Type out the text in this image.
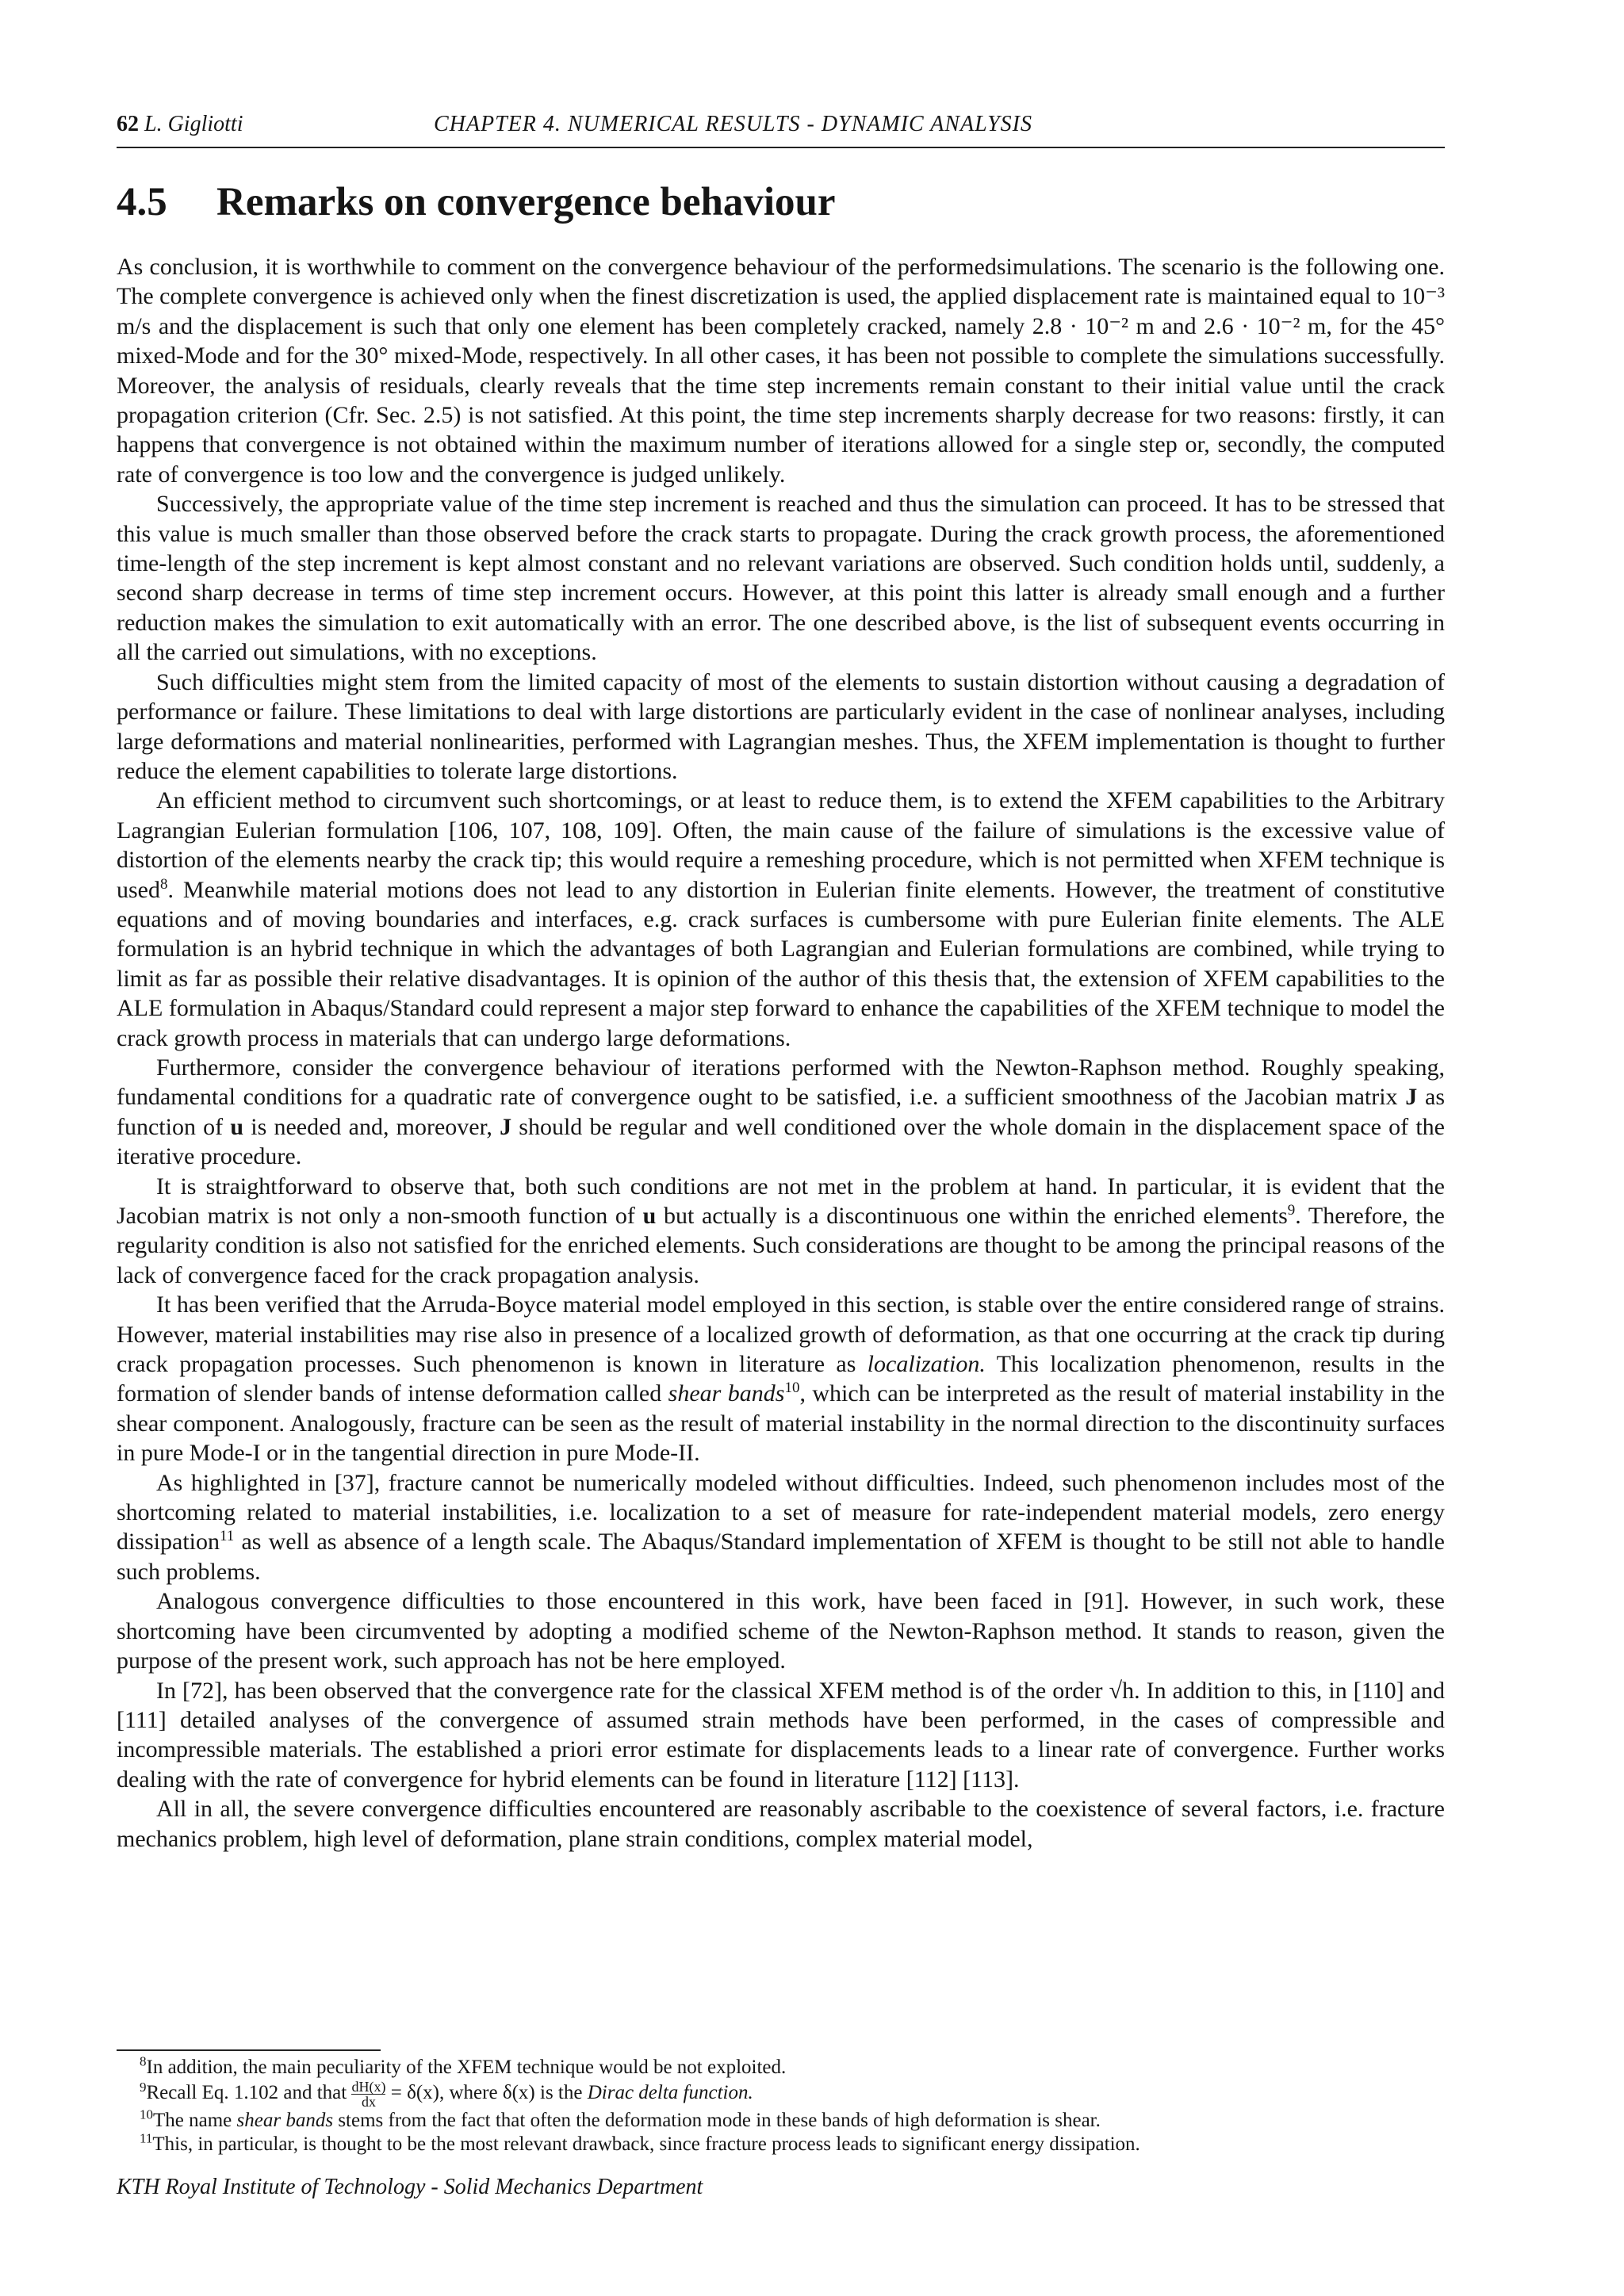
62 L. Gigliotti	CHAPTER 4. NUMERICAL RESULTS - DYNAMIC ANALYSIS
4.5 Remarks on convergence behaviour

As conclusion, it is worthwhile to comment on the convergence behaviour of the performedsimulations. The scenario is the following one. The complete convergence is achieved only when the finest discretization is used, the applied displacement rate is maintained equal to 10⁻³ m/s and the displacement is such that only one element has been completely cracked, namely 2.8 · 10⁻² m and 2.6 · 10⁻² m, for the 45° mixed-Mode and for the 30° mixed-Mode, respectively. In all other cases, it has been not possible to complete the simulations successfully. Moreover, the analysis of residuals, clearly reveals that the time step increments remain constant to their initial value until the crack propagation criterion (Cfr. Sec. 2.5) is not satisfied. At this point, the time step increments sharply decrease for two reasons: firstly, it can happens that convergence is not obtained within the maximum number of iterations allowed for a single step or, secondly, the computed rate of convergence is too low and the convergence is judged unlikely.

Successively, the appropriate value of the time step increment is reached and thus the simulation can proceed. It has to be stressed that this value is much smaller than those observed before the crack starts to propagate. During the crack growth process, the aforementioned time-length of the step increment is kept almost constant and no relevant variations are observed. Such condition holds until, suddenly, a second sharp decrease in terms of time step increment occurs. However, at this point this latter is already small enough and a further reduction makes the simulation to exit automatically with an error. The one described above, is the list of subsequent events occurring in all the carried out simulations, with no exceptions.

Such difficulties might stem from the limited capacity of most of the elements to sustain distortion without causing a degradation of performance or failure. These limitations to deal with large distortions are particularly evident in the case of nonlinear analyses, including large deformations and material nonlinearities, performed with Lagrangian meshes. Thus, the XFEM implementation is thought to further reduce the element capabilities to tolerate large distortions.

An efficient method to circumvent such shortcomings, or at least to reduce them, is to extend the XFEM capabilities to the Arbitrary Lagrangian Eulerian formulation [106, 107, 108, 109]. Often, the main cause of the failure of simulations is the excessive value of distortion of the elements nearby the crack tip; this would require a remeshing procedure, which is not permitted when XFEM technique is used$^8$. Meanwhile material motions does not lead to any distortion in Eulerian finite elements. However, the treatment of constitutive equations and of moving boundaries and interfaces, e.g. crack surfaces is cumbersome with pure Eulerian finite elements. The ALE formulation is an hybrid technique in which the advantages of both Lagrangian and Eulerian formulations are combined, while trying to limit as far as possible their relative disadvantages. It is opinion of the author of this thesis that, the extension of XFEM capabilities to the ALE formulation in Abaqus/Standard could represent a major step forward to enhance the capabilities of the XFEM technique to model the crack growth process in materials that can undergo large deformations.

Furthermore, consider the convergence behaviour of iterations performed with the Newton-Raphson method. Roughly speaking, fundamental conditions for a quadratic rate of convergence ought to be satisfied, i.e. a sufficient smoothness of the Jacobian matrix J as function of u is needed and, moreover, J should be regular and well conditioned over the whole domain in the displacement space of the iterative procedure.

It is straightforward to observe that, both such conditions are not met in the problem at hand. In particular, it is evident that the Jacobian matrix is not only a non-smooth function of u but actually is a discontinuous one within the enriched elements$^9$. Therefore, the regularity condition is also not satisfied for the enriched elements. Such considerations are thought to be among the principal reasons of the lack of convergence faced for the crack propagation analysis.

It has been verified that the Arruda-Boyce material model employed in this section, is stable over the entire considered range of strains. However, material instabilities may rise also in presence of a localized growth of deformation, as that one occurring at the crack tip during crack propagation processes. Such phenomenon is known in literature as localization. This localization phenomenon, results in the formation of slender bands of intense deformation called shear bands$^{10}$, which can be interpreted as the result of material instability in the shear component. Analogously, fracture can be seen as the result of material instability in the normal direction to the discontinuity surfaces in pure Mode-I or in the tangential direction in pure Mode-II.

As highlighted in [37], fracture cannot be numerically modeled without difficulties. Indeed, such phenomenon includes most of the shortcoming related to material instabilities, i.e. localization to a set of measure for rate-independent material models, zero energy dissipation$^{11}$ as well as absence of a length scale. The Abaqus/Standard implementation of XFEM is thought to be still not able to handle such problems.

Analogous convergence difficulties to those encountered in this work, have been faced in [91]. However, in such work, these shortcoming have been circumvented by adopting a modified scheme of the Newton-Raphson method. It stands to reason, given the purpose of the present work, such approach has not be here employed.

In [72], has been observed that the convergence rate for the classical XFEM method is of the order √h. In addition to this, in [110] and [111] detailed analyses of the convergence of assumed strain methods have been performed, in the cases of compressible and incompressible materials. The established a priori error estimate for displacements leads to a linear rate of convergence. Further works dealing with the rate of convergence for hybrid elements can be found in literature [112] [113].

All in all, the severe convergence difficulties encountered are reasonably ascribable to the coexistence of several factors, i.e. fracture mechanics problem, high level of deformation, plane strain conditions, complex material model,

$^8$In addition, the main peculiarity of the XFEM technique would be not exploited.

$^9$Recall Eq. 1.102 and that $\frac{dH(x)}{dx} = \delta(x)$, where δ(x) is the Dirac delta function.

$^{10}$The name shear bands stems from the fact that often the deformation mode in these bands of high deformation is shear.

$^{11}$This, in particular, is thought to be the most relevant drawback, since fracture process leads to significant energy dissipation.

KTH Royal Institute of Technology - Solid Mechanics Department
